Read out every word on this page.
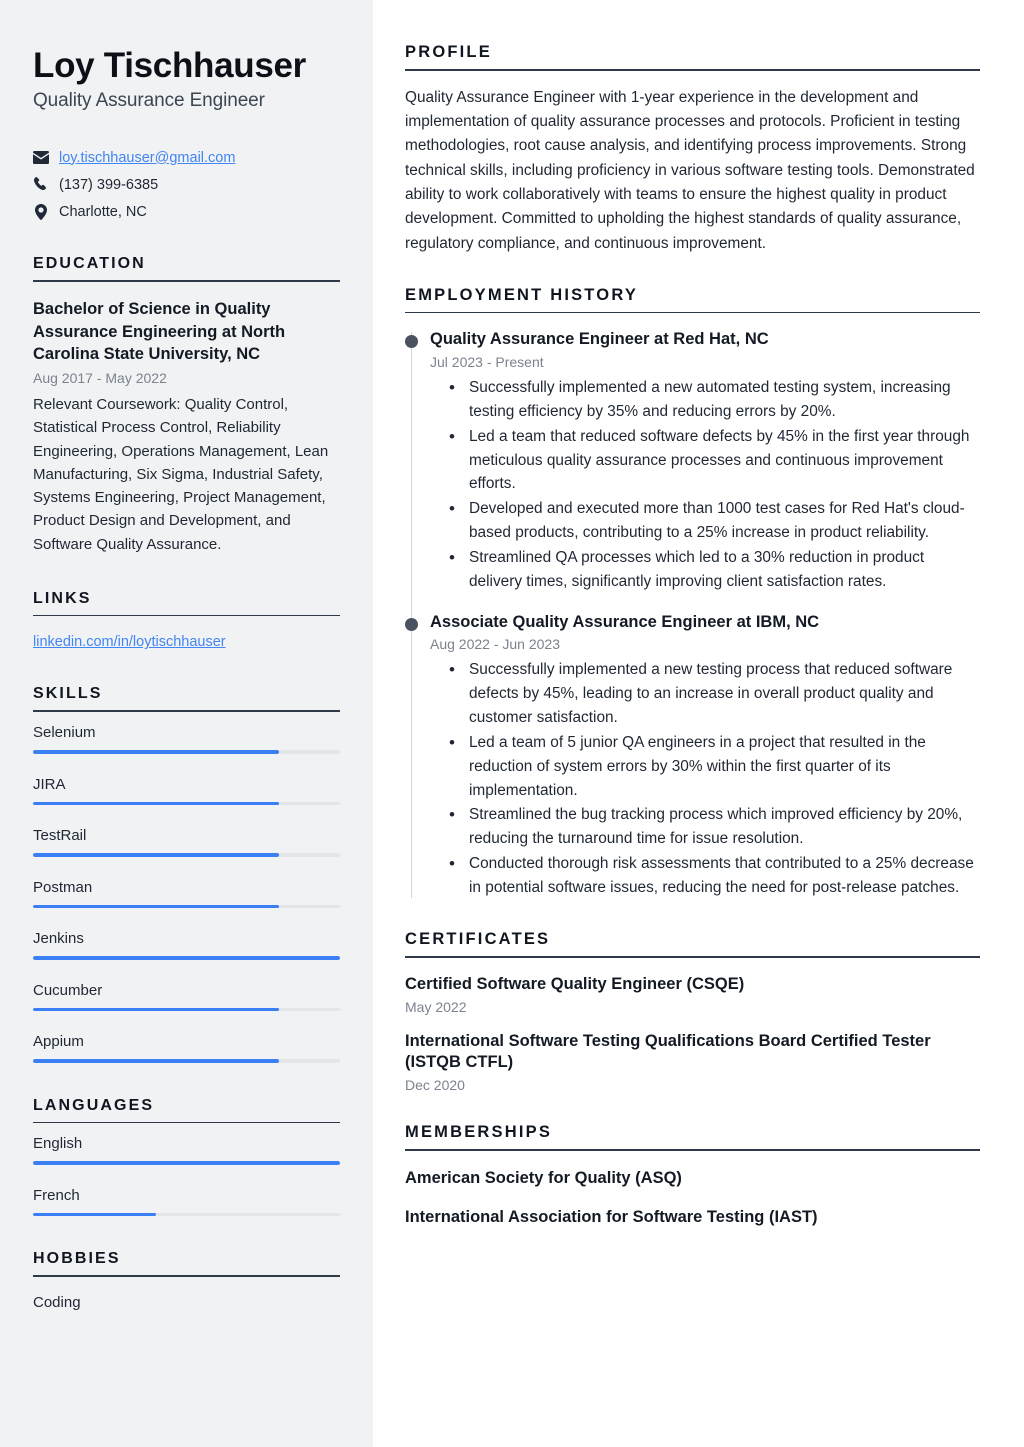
Loy Tischhauser
Quality Assurance Engineer
loy.tischhauser@gmail.com
(137) 399-6385
Charlotte, NC
EDUCATION
Bachelor of Science in Quality Assurance Engineering at North Carolina State University, NC
Aug 2017 - May 2022
Relevant Coursework: Quality Control, Statistical Process Control, Reliability Engineering, Operations Management, Lean Manufacturing, Six Sigma, Industrial Safety, Systems Engineering, Project Management, Product Design and Development, and Software Quality Assurance.
LINKS
linkedin.com/in/loytischhauser
SKILLS
Selenium
JIRA
TestRail
Postman
Jenkins
Cucumber
Appium
LANGUAGES
English
French
HOBBIES
Coding
PROFILE

Quality Assurance Engineer with 1-year experience in the development and implementation of quality assurance processes and protocols. Proficient in testing methodologies, root cause analysis, and identifying process improvements. Strong technical skills, including proficiency in various software testing tools. Demonstrated ability to work collaboratively with teams to ensure the highest quality in product development. Committed to upholding the highest standards of quality assurance, regulatory compliance, and continuous improvement.

EMPLOYMENT HISTORY
Quality Assurance Engineer at Red Hat, NC
Jul 2023 - Present
• Successfully implemented a new automated testing system, increasing testing efficiency by 35% and reducing errors by 20%.
• Led a team that reduced software defects by 45% in the first year through meticulous quality assurance processes and continuous improvement efforts.
• Developed and executed more than 1000 test cases for Red Hat's cloud-based products, contributing to a 25% increase in product reliability.
• Streamlined QA processes which led to a 30% reduction in product delivery times, significantly improving client satisfaction rates.
Associate Quality Assurance Engineer at IBM, NC
Aug 2022 - Jun 2023
• Successfully implemented a new testing process that reduced software defects by 45%, leading to an increase in overall product quality and customer satisfaction.
• Led a team of 5 junior QA engineers in a project that resulted in the reduction of system errors by 30% within the first quarter of its implementation.
• Streamlined the bug tracking process which improved efficiency by 20%, reducing the turnaround time for issue resolution.
• Conducted thorough risk assessments that contributed to a 25% decrease in potential software issues, reducing the need for post-release patches.
CERTIFICATES
Certified Software Quality Engineer (CSQE)
May 2022
International Software Testing Qualifications Board Certified Tester (ISTQB CTFL)
Dec 2020
MEMBERSHIPS
American Society for Quality (ASQ)
International Association for Software Testing (IAST)
